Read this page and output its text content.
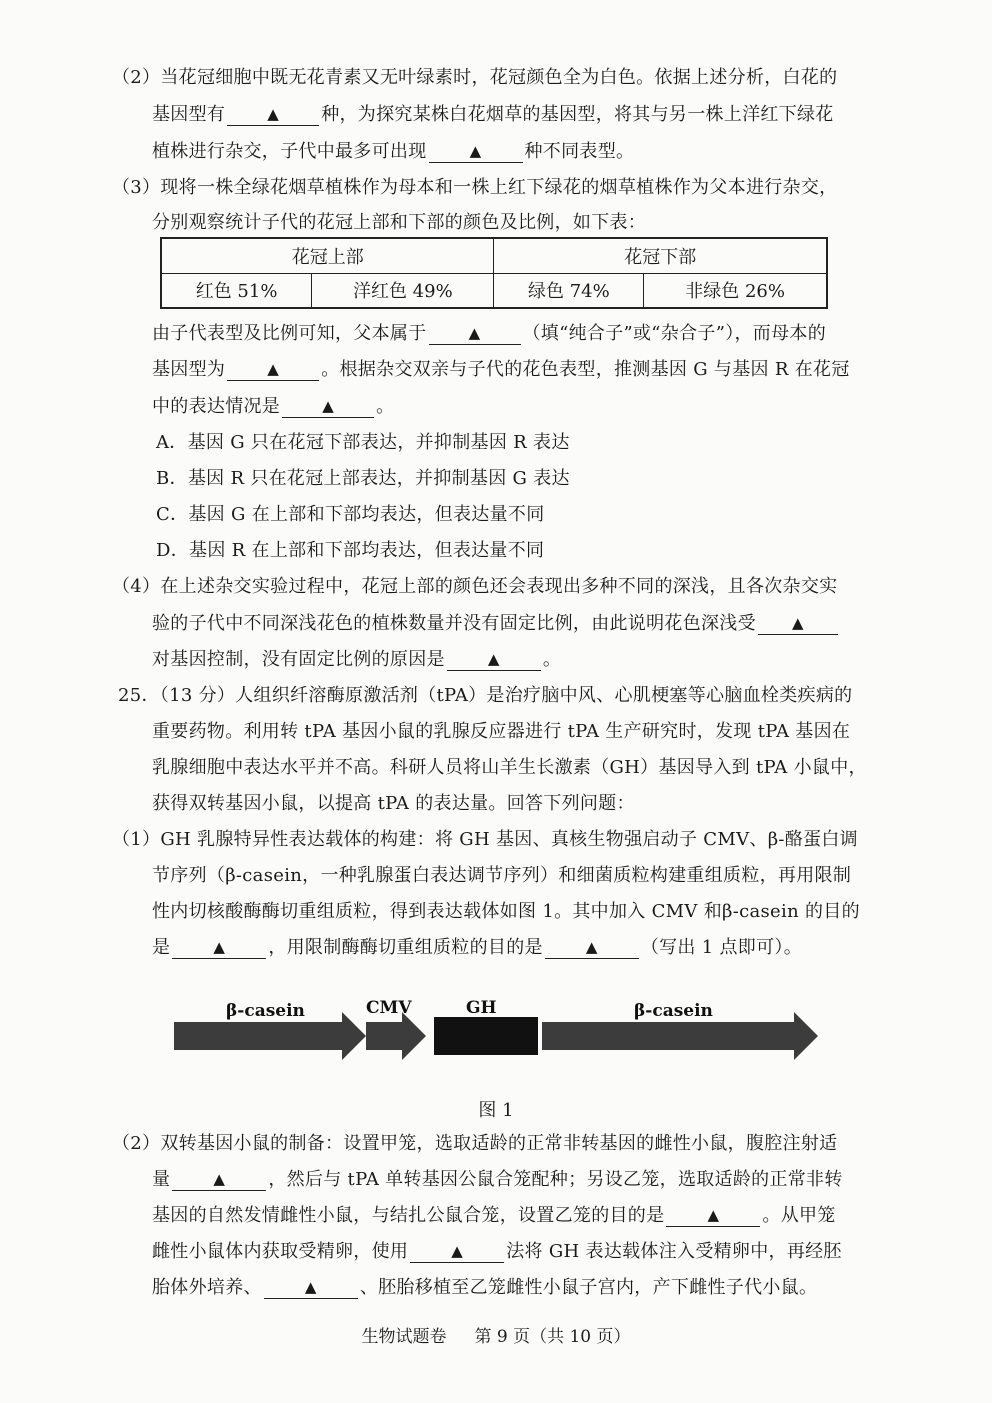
（2）当花冠细胞中既无花青素又无叶绿素时，花冠颜色全为白色。依据上述分析，白花的
基因型有	▲ 种，为探究某株白花烟草的基因型，将其与另一株上洋红下绿花
植株进行杂交，子代中最多可出现	▲ 种不同表型。
（3）现将一株全绿花烟草植株作为母本和一株上红下绿花的烟草植株作为父本进行杂交，
分别观察统计子代的花冠上部和下部的颜色及比例，如下表：
花冠上部		花冠下部	
红色 51%	洋红色 49%	绿色 74%	非绿色 26%
由子代表型及比例可知，父本属于	▲ （填“纯合子”或“杂合子”），而母本的
基因型为	▲ 。根据杂交双亲与子代的花色表型，推测基因 G 与基因 R 在花冠
中的表达情况是	▲ 。
A．基因 G 只在花冠下部表达，并抑制基因 R 表达
B．基因 R 只在花冠上部表达，并抑制基因 G 表达
C．基因 G 在上部和下部均表达，但表达量不同
D．基因 R 在上部和下部均表达，但表达量不同
（4）在上述杂交实验过程中，花冠上部的颜色还会表现出多种不同的深浅，且各次杂交实
验的子代中不同深浅花色的植株数量并没有固定比例，由此说明花色深浅受 ▲
对基因控制，没有固定比例的原因是	▲ 。
25．（13 分）人组织纤溶酶原激活剂（tPA）是治疗脑中风、心肌梗塞等心脑血栓类疾病的
重要药物。利用转 tPA 基因小鼠的乳腺反应器进行 tPA 生产研究时，发现 tPA 基因在
乳腺细胞中表达水平并不高。科研人员将山羊生长激素（GH）基因导入到 tPA 小鼠中，
获得双转基因小鼠，以提高 tPA 的表达量。回答下列问题：
（1）GH 乳腺特异性表达载体的构建：将 GH 基因、真核生物强启动子 CMV、β-酪蛋白调
节序列（β-casein，一种乳腺蛋白表达调节序列）和细菌质粒构建重组质粒，再用限制
性内切核酸酶酶切重组质粒，得到表达载体如图 1。其中加入 CMV 和β-casein 的目的
是	▲ ，用限制酶酶切重组质粒的目的是	▲ （写出 1 点即可）。
β-casein	CMV	GH	β-casein
图 1
（2）双转基因小鼠的制备：设置甲笼，选取适龄的正常非转基因的雌性小鼠，腹腔注射适
量	▲ ，然后与 tPA 单转基因公鼠合笼配种；另设乙笼，选取适龄的正常非转
基因的自然发情雌性小鼠，与结扎公鼠合笼，设置乙笼的目的是	▲ 。从甲笼
雌性小鼠体内获取受精卵，使用	▲ 法将 GH 表达载体注入受精卵中，再经胚
胎体外培养、	▲ 、胚胎移植至乙笼雌性小鼠子宫内，产下雌性子代小鼠。
生物试题卷 第 9 页（共 10 页）
